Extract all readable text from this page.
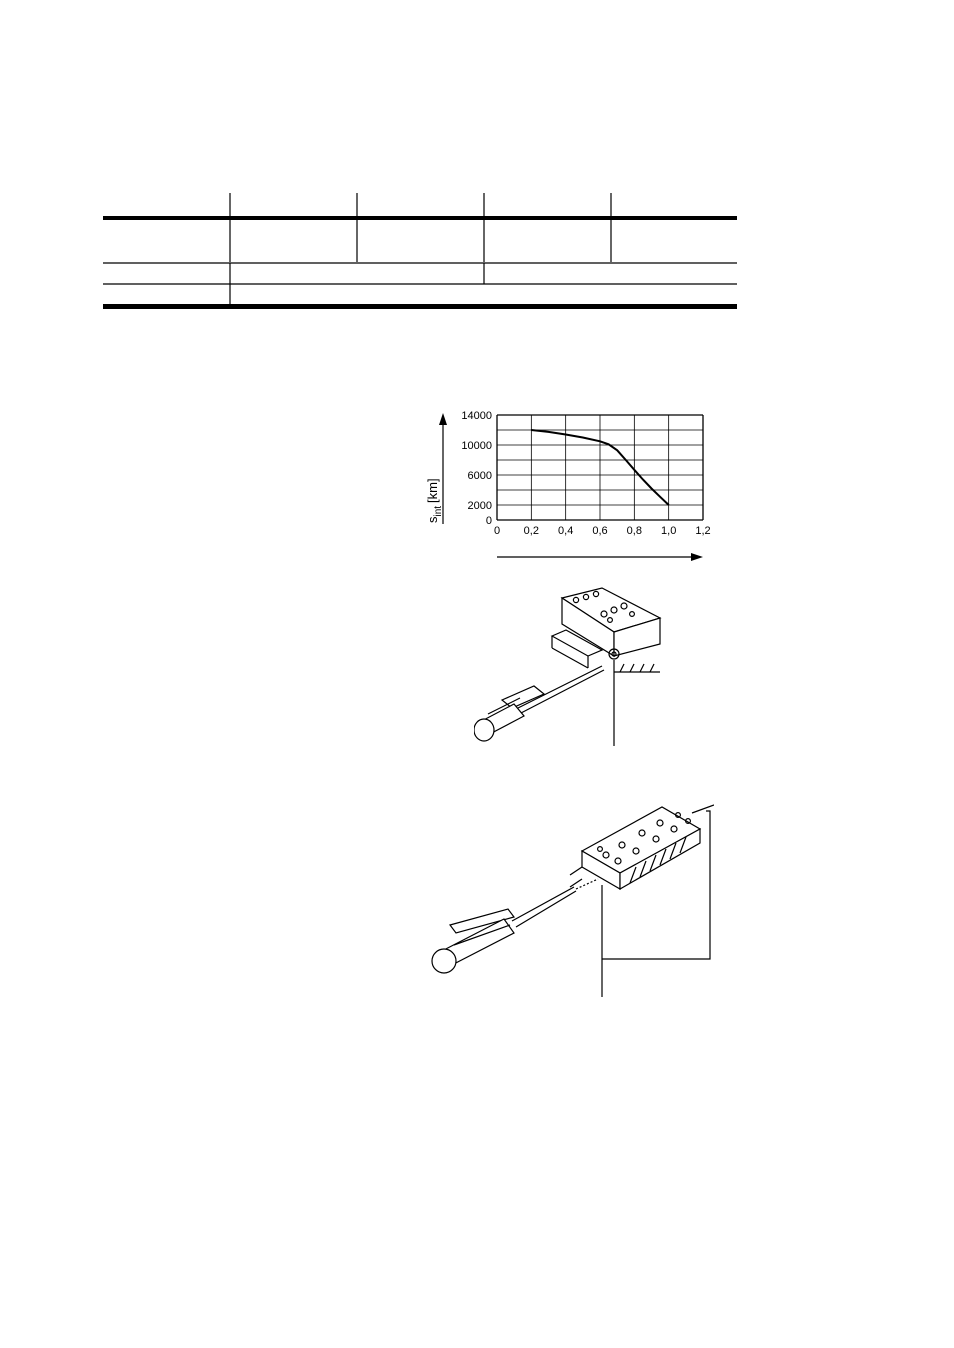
14000
10000
6000
2000
0
0 0,2 0,4 0,6 0,8 1,0 1,2
$s_{int}[km]$
